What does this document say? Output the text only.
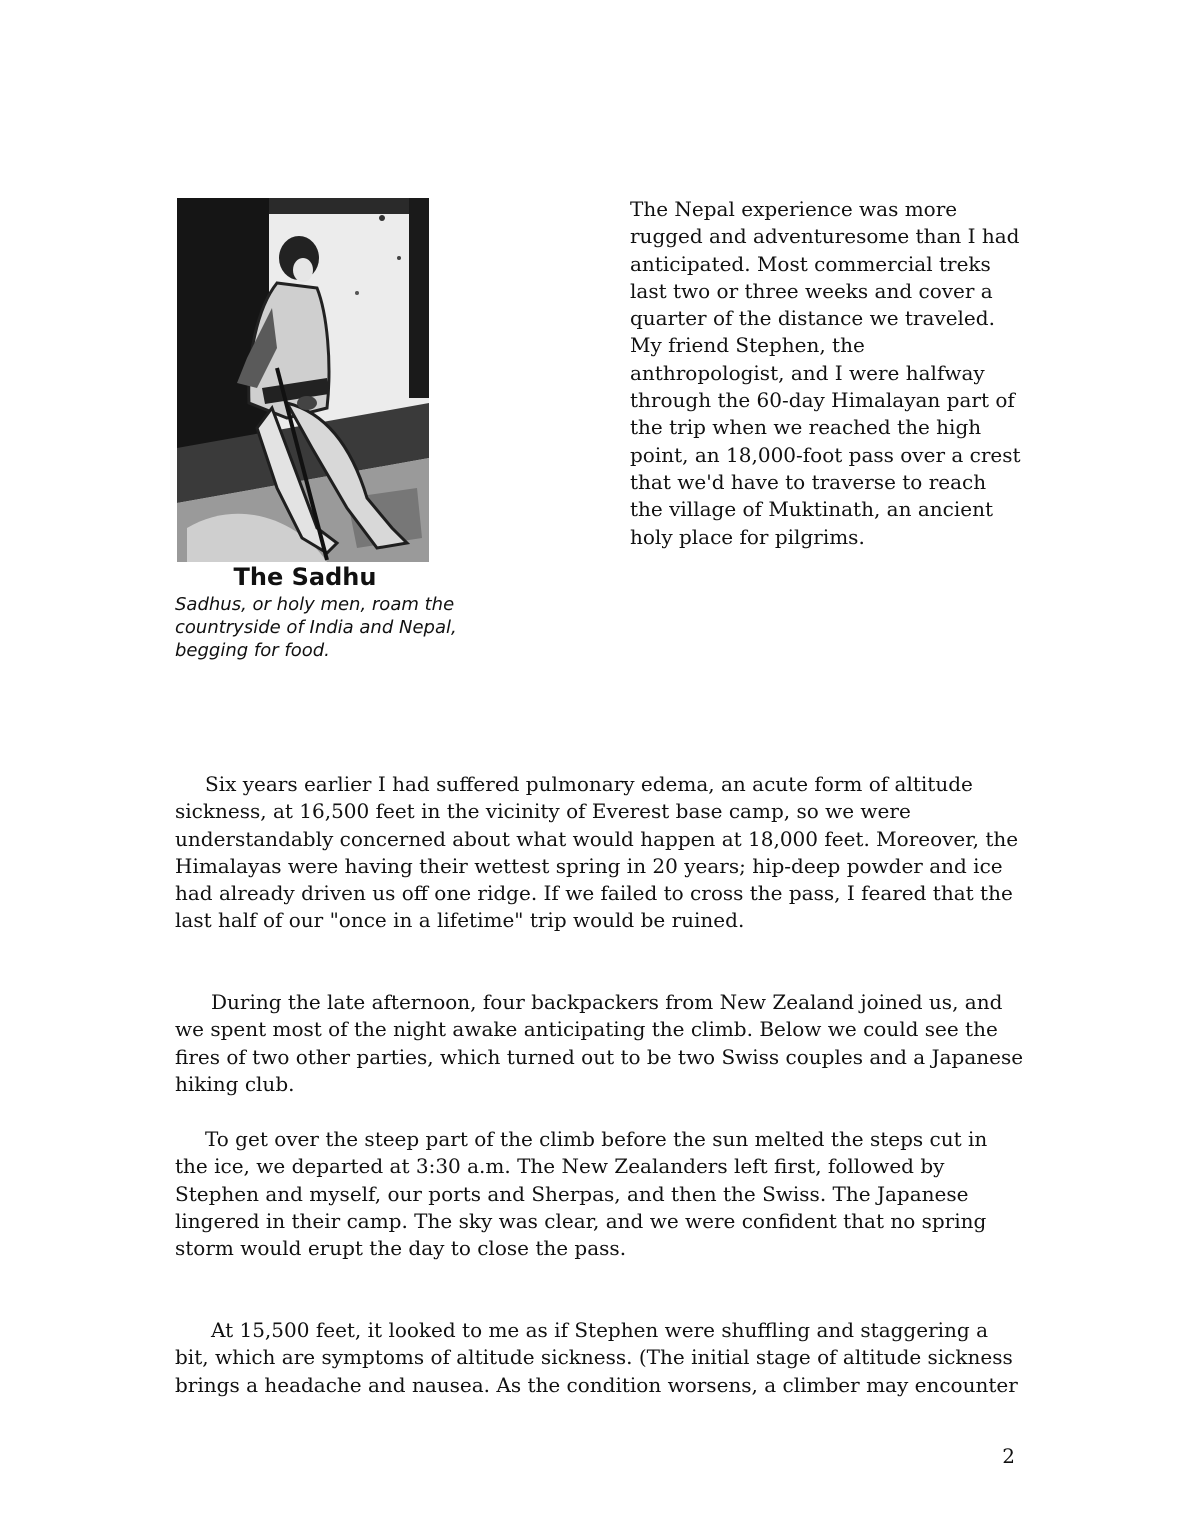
The Sadhu
Sadhus, or holy men, roam the countryside of India and Nepal, begging for food.

The Nepal experience was more rugged and adventuresome than I had anticipated. Most commercial treks last two or three weeks and cover a quarter of the distance we traveled. My friend Stephen, the anthropologist, and I were halfway through the 60-day Himalayan part of the trip when we reached the high point, an 18,000-foot pass over a crest that we'd have to traverse to reach the village of Muktinath, an ancient holy place for pilgrims.

Six years earlier I had suffered pulmonary edema, an acute form of altitude sickness, at 16,500 feet in the vicinity of Everest base camp, so we were understandably concerned about what would happen at 18,000 feet. Moreover, the Himalayas were having their wettest spring in 20 years; hip-deep powder and ice had already driven us off one ridge. If we failed to cross the pass, I feared that the last half of our "once in a lifetime" trip would be ruined.

During the late afternoon, four backpackers from New Zealand joined us, and we spent most of the night awake anticipating the climb. Below we could see the fires of two other parties, which turned out to be two Swiss couples and a Japanese hiking club.

To get over the steep part of the climb before the sun melted the steps cut in the ice, we departed at 3:30 a.m. The New Zealanders left first, followed by Stephen and myself, our ports and Sherpas, and then the Swiss. The Japanese lingered in their camp. The sky was clear, and we were confident that no spring storm would erupt the day to close the pass.

At 15,500 feet, it looked to me as if Stephen were shuffling and staggering a bit, which are symptoms of altitude sickness. (The initial stage of altitude sickness brings a headache and nausea. As the condition worsens, a climber may encounter

2
